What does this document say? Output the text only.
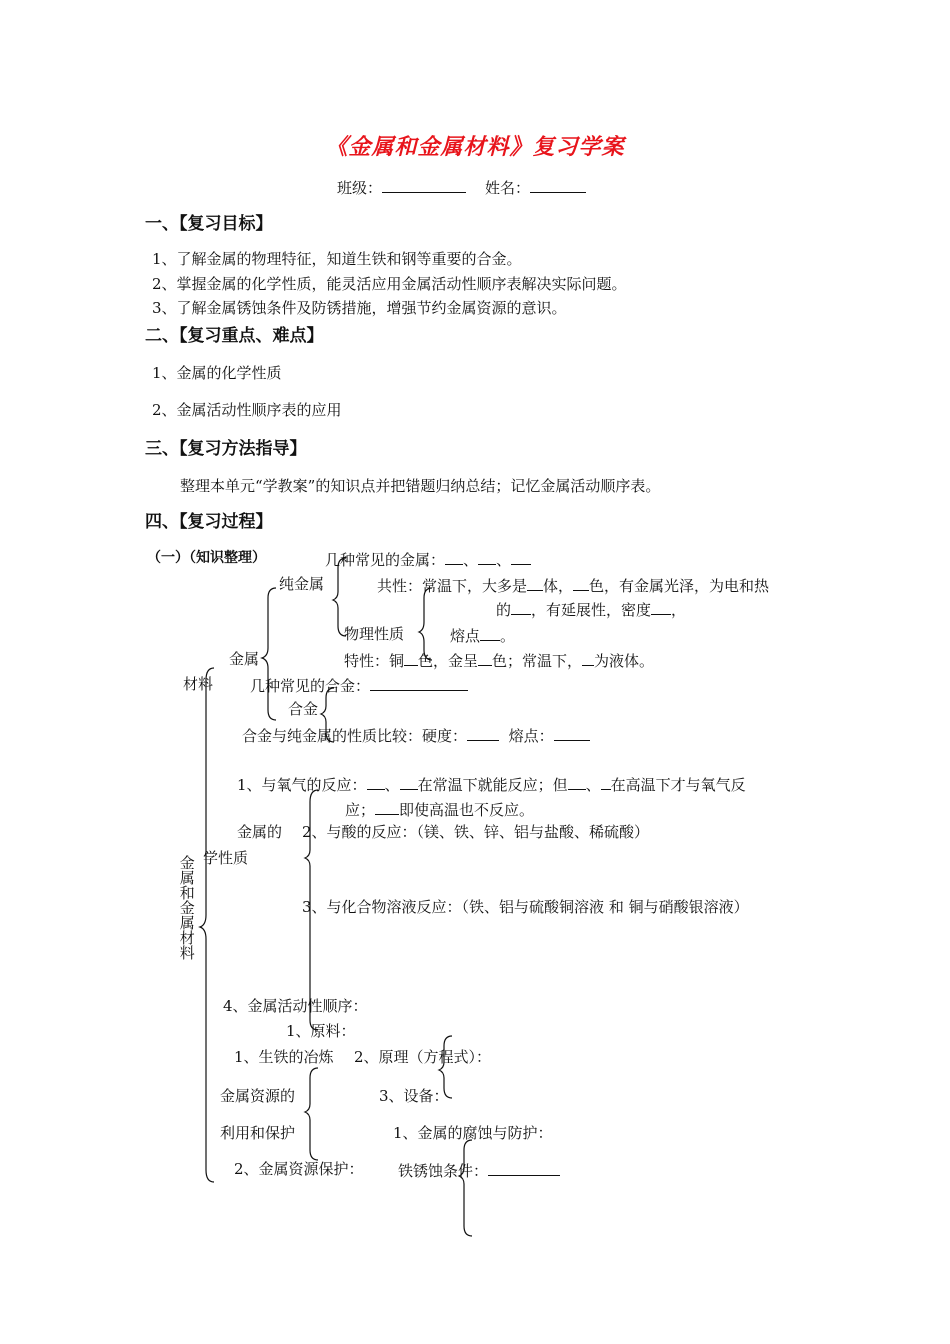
《金属和金属材料》复习学案
班级：	姓名：
一、【复习目标】
1、了解金属的物理特征，知道生铁和钢等重要的合金。
2、掌握金属的化学性质，能灵活应用金属活动性顺序表解决实际问题。
3、了解金属锈蚀条件及防锈措施，增强节约金属资源的意识。
二、【复习重点、难点】
1、金属的化学性质
2、金属活动性顺序表的应用
三、【复习方法指导】
整理本单元“学教案”的知识点并把错题归纳总结；记忆金属活动顺序表。
四、【复习过程】
（一）（知识整理）	几种常见的金属： 、 、
纯金属	共性：常温下，大多是 体， 色，有金属光泽，为电和热
的 ，有延展性，密度 ，
物理性质	熔点 。
金属	特性：铜 色，金呈 色；常温下， 为液体。
材料 几种常见的合金：
合金
合金与纯金属的性质比较：硬度：	熔点：
1、与氧气的反应： 、 在常温下就能反应；但 、 在高温下才与氧气反
应； 即使高温也不反应。
金属的 2、与酸的反应：（镁、铁、锌、铝与盐酸、稀硫酸）
学性质
金属和金属材料	3、与化合物溶液反应：（铁、铝与硫酸铜溶液 和 铜与硝酸银溶液）
4、金属活动性顺序：
1、原料：
1、生铁的冶炼 2、原理（方程式）：
金属资源的	3、设备：
利用和保护	1、金属的腐蚀与防护：
2、金属资源保护： 铁锈蚀条件：
